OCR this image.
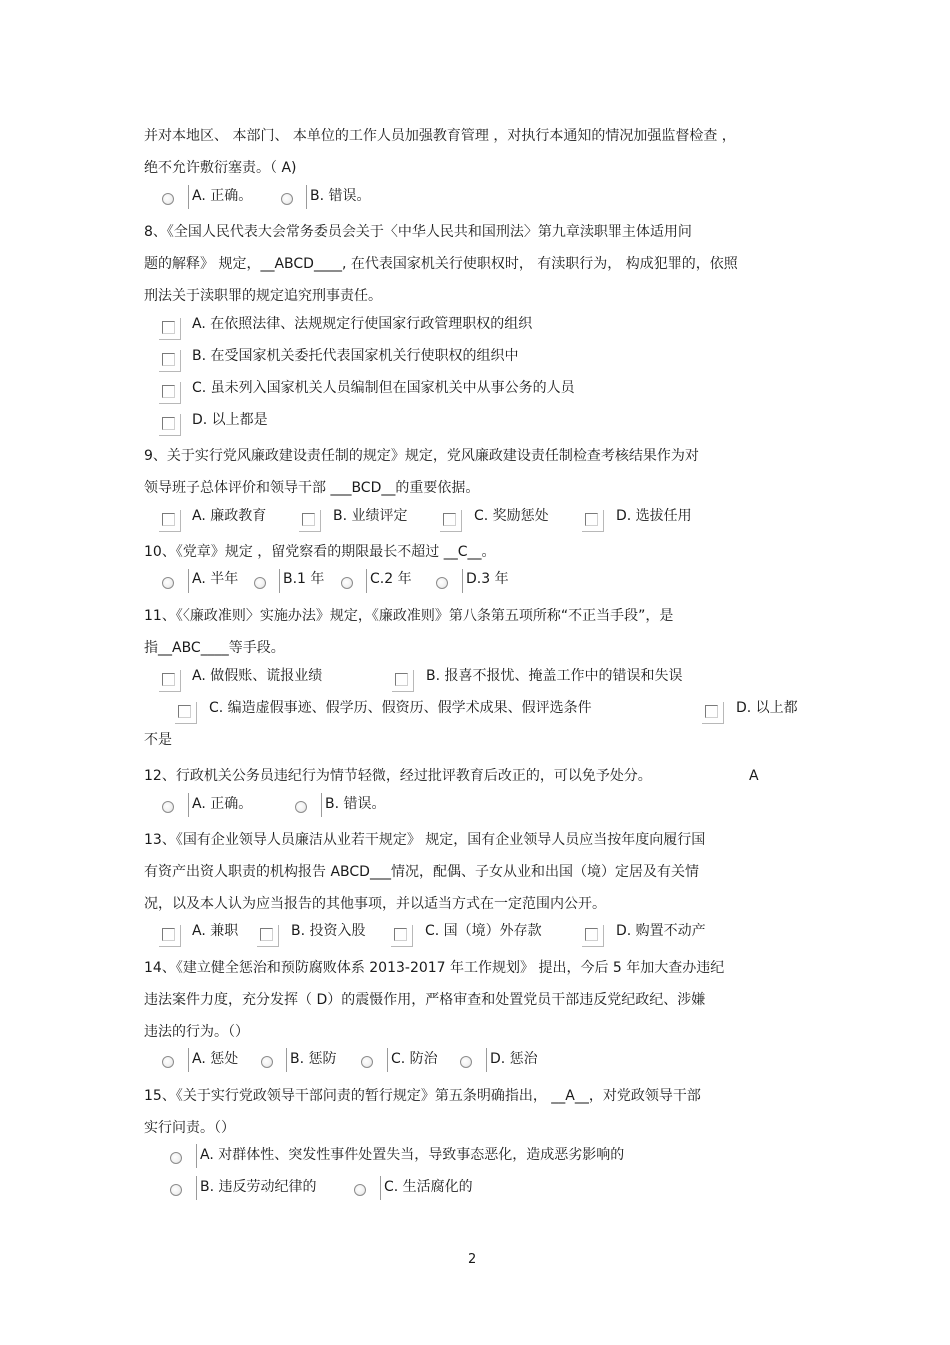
并对本地区、 本部门、 本单位的工作人员加强教育管理 ，对执行本通知的情况加强监督检查 ，
绝不允许敷衍塞责。（ A)
A. 正确。	B. 错误。
8、《全国人民代表大会常务委员会关于〈中华人民共和国刑法〉第九章渎职罪主体适用问
题的解释》 规定，__ABCD____, 在代表国家机关行使职权时， 有渎职行为， 构成犯罪的，依照
刑法关于渎职罪的规定追究刑事责任。
A. 在依照法律、法规规定行使国家行政管理职权的组织
B. 在受国家机关委托代表国家机关行使职权的组织中
C. 虽未列入国家机关人员编制但在国家机关中从事公务的人员
D. 以上都是
9、关于实行党风廉政建设责任制的规定》规定，党风廉政建设责任制检查考核结果作为对
领导班子总体评价和领导干部 ___BCD__的重要依据。
A. 廉政教育	B. 业绩评定	C. 奖励惩处	D. 选拔任用
10、《党章》规定 ，留党察看的期限最长不超过 __C__。
A. 半年	B.1 年	C.2 年	D.3 年
11、《〈廉政准则〉实施办法》规定，《廉政准则》第八条第五项所称“不正当手段”，是
指__ABC____等手段。
A. 做假账、谎报业绩	B. 报喜不报忧、掩盖工作中的错误和失误
C. 编造虚假事迹、假学历、假资历、假学术成果、假评选条件	D. 以上都
不是
12、行政机关公务员违纪行为情节轻微，经过批评教育后改正的，可以免予处分。	A
A. 正确。	B. 错误。
13、《国有企业领导人员廉洁从业若干规定》 规定，国有企业领导人员应当按年度向履行国
有资产出资人职责的机构报告 ABCD___情况，配偶、子女从业和出国（境）定居及有关情
况，以及本人认为应当报告的其他事项，并以适当方式在一定范围内公开。
A. 兼职	B. 投资入股	C. 国（境）外存款	D. 购置不动产
14、《建立健全惩治和预防腐败体系 2013-2017 年工作规划》 提出，今后 5 年加大查办违纪
违法案件力度，充分发挥（ D）的震慑作用，严格审查和处置党员干部违反党纪政纪、涉嫌
违法的行为。（）
A. 惩处	B. 惩防	C. 防治	D. 惩治
15、《关于实行党政领导干部问责的暂行规定》第五条明确指出， __A__，对党政领导干部
实行问责。（）
A. 对群体性、突发性事件处置失当，导致事态恶化，造成恶劣影响的
B. 违反劳动纪律的	C. 生活腐化的
2
